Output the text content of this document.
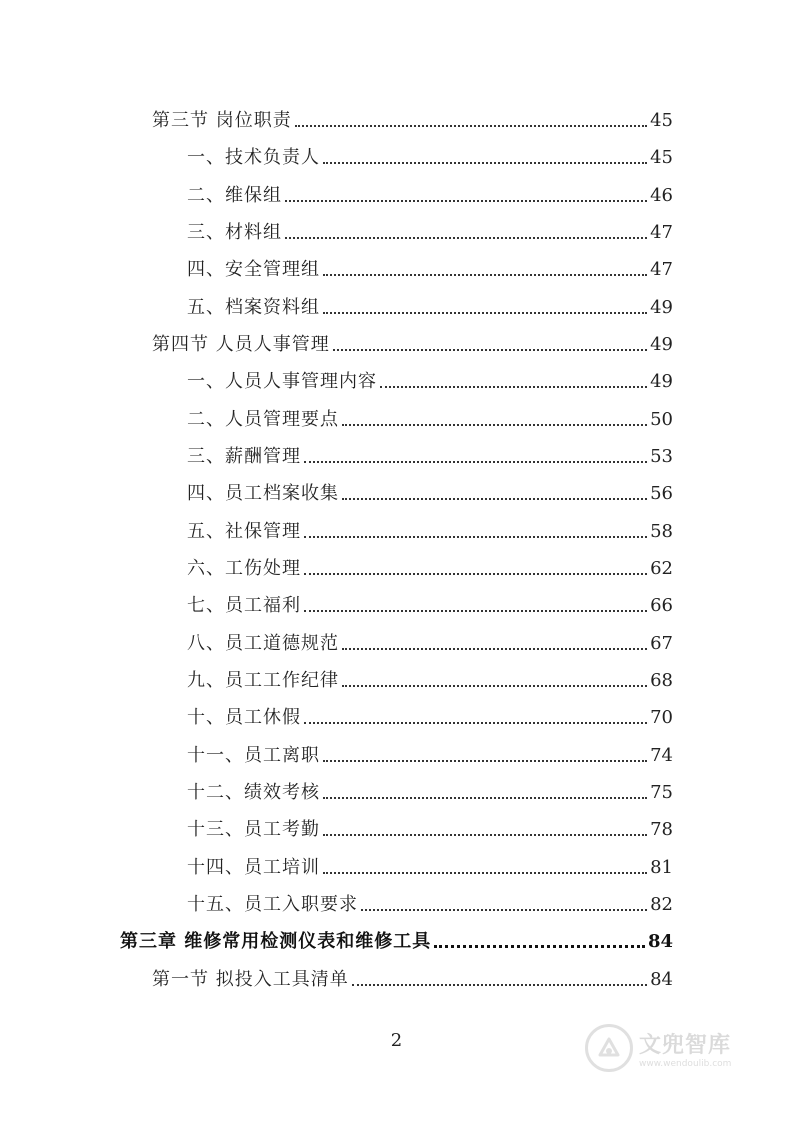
第三节 岗位职责	45
一、技术负责人	45
二、维保组	46
三、材料组	47
四、安全管理组	47
五、档案资料组	49
第四节 人员人事管理	49
一、人员人事管理内容	49
二、人员管理要点	50
三、薪酬管理	53
四、员工档案收集	56
五、社保管理	58
六、工伤处理	62
七、员工福利	66
八、员工道德规范	67
九、员工工作纪律	68
十、员工休假	70
十一、员工离职	74
十二、绩效考核	75
十三、员工考勤	78
十四、员工培训	81
十五、员工入职要求	82
第三章 维修常用检测仪表和维修工具	84
第一节 拟投入工具清单	84
2	文兜智库
www.wendoulib.com
